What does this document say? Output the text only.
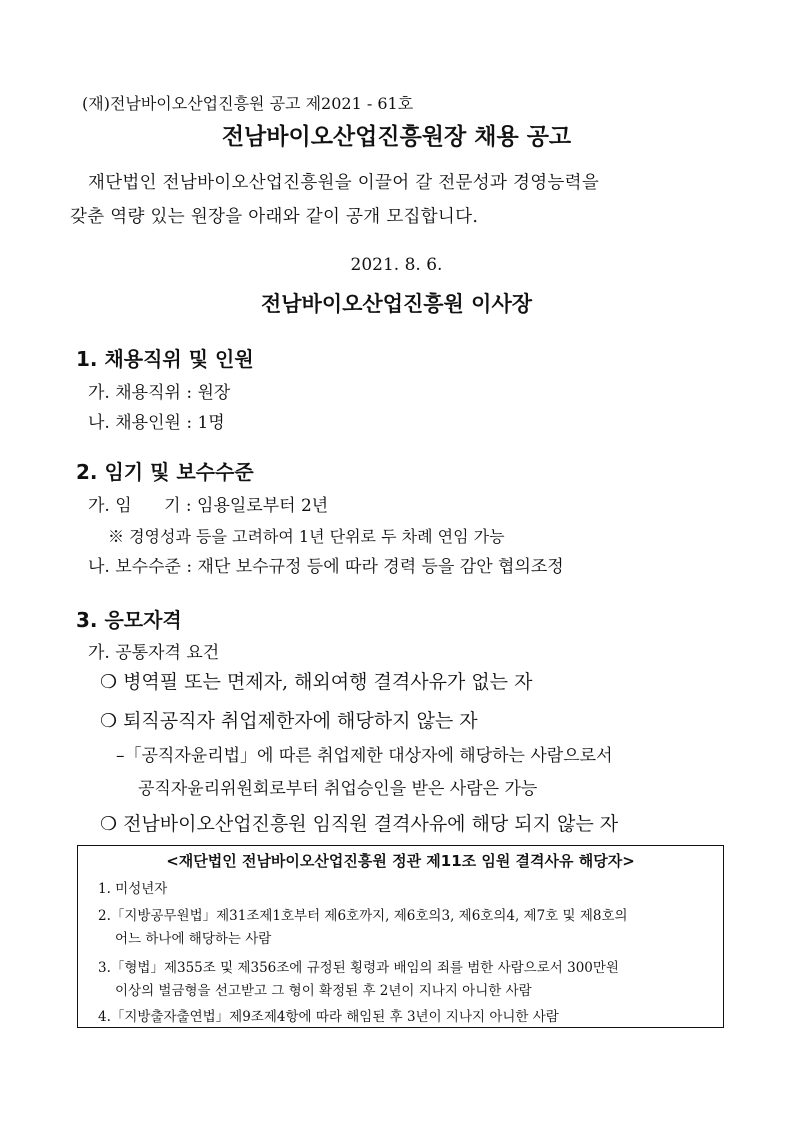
(재)전남바이오산업진흥원 공고 제2021 - 61호
전남바이오산업진흥원장 채용 공고
재단법인 전남바이오산업진흥원을 이끌어 갈 전문성과 경영능력을
갖춘 역량 있는 원장을 아래와 같이 공개 모집합니다.
2021. 8. 6.
전남바이오산업진흥원 이사장
1. 채용직위 및 인원
가. 채용직위 : 원장
나. 채용인원 : 1명
2. 임기 및 보수수준
가. 임      기 : 임용일로부터 2년
※ 경영성과 등을 고려하여 1년 단위로 두 차례 연임 가능
나. 보수수준 : 재단 보수규정 등에 따라 경력 등을 감안 협의조정
3. 응모자격
가. 공통자격 요건
❍ 병역필 또는 면제자, 해외여행 결격사유가 없는 자
❍ 퇴직공직자 취업제한자에 해당하지 않는 자
–「공직자윤리법」에 따른 취업제한 대상자에 해당하는 사람으로서
공직자윤리위원회로부터 취업승인을 받은 사람은 가능
❍ 전남바이오산업진흥원 임직원 결격사유에 해당 되지 않는 자
<재단법인 전남바이오산업진흥원 정관 제11조 임원 결격사유 해당자>
1. 미성년자
2.「지방공무원법」제31조제1호부터 제6호까지, 제6호의3, 제6호의4, 제7호 및 제8호의
어느 하나에 해당하는 사람
3.「형법」제355조 및 제356조에 규정된 횡령과 배임의 죄를 범한 사람으로서 300만원
이상의 벌금형을 선고받고 그 형이 확정된 후 2년이 지나지 아니한 사람
4.「지방출자출연법」제9조제4항에 따라 해임된 후 3년이 지나지 아니한 사람
